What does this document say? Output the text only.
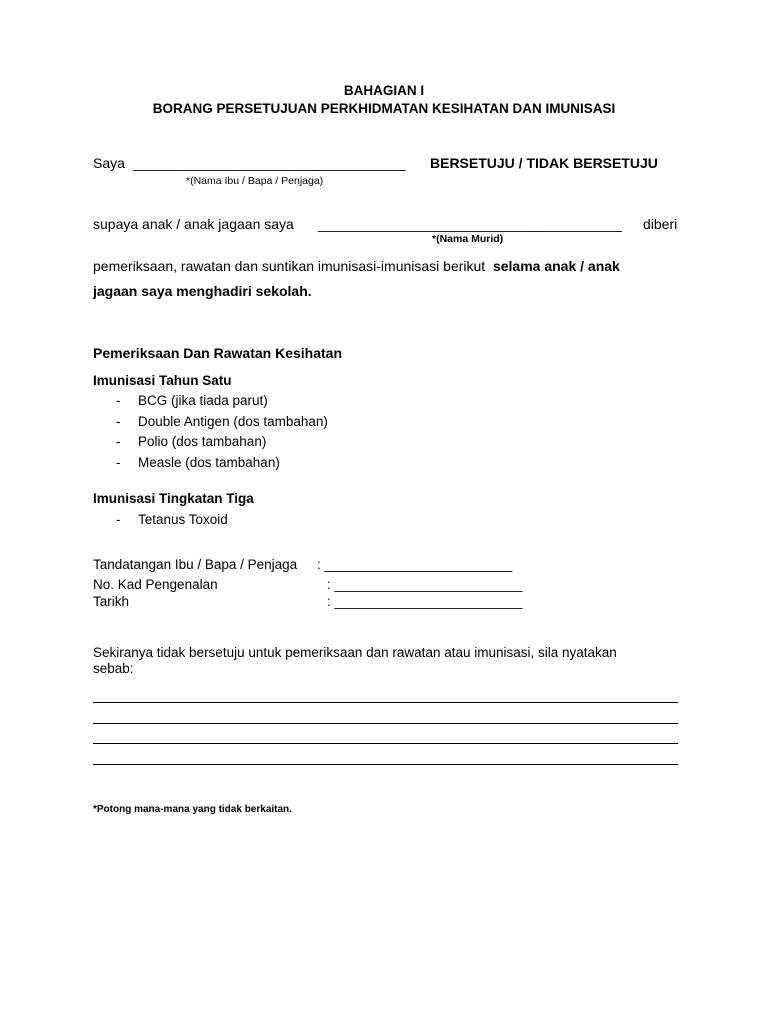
BAHAGIAN I
BORANG PERSETUJUAN PERKHIDMATAN KESIHATAN DAN IMUNISASI
Saya ___________________________________ BERSETUJU / TIDAK BERSETUJU
*(Nama Ibu / Bapa / Penjaga)
supaya anak / anak jagaan saya _______________________________________ diberi
*(Nama Murid)
pemeriksaan, rawatan dan suntikan imunisasi-imunisasi berikut selama anak / anak
jagaan saya menghadiri sekolah.
Pemeriksaan Dan Rawatan Kesihatan
Imunisasi Tahun Satu
- BCG (jika tiada parut)
- Double Antigen (dos tambahan)
- Polio (dos tambahan)
- Measle (dos tambahan)
Imunisasi Tingkatan Tiga
- Tetanus Toxoid
Tandatangan Ibu / Bapa / Penjaga : _________________________
No. Kad Pengenalan	: _________________________
Tarikh	: _________________________
Sekiranya tidak bersetuju untuk pemeriksaan dan rawatan atau imunisasi, sila nyatakan
sebab:
*Potong mana-mana yang tidak berkaitan.
